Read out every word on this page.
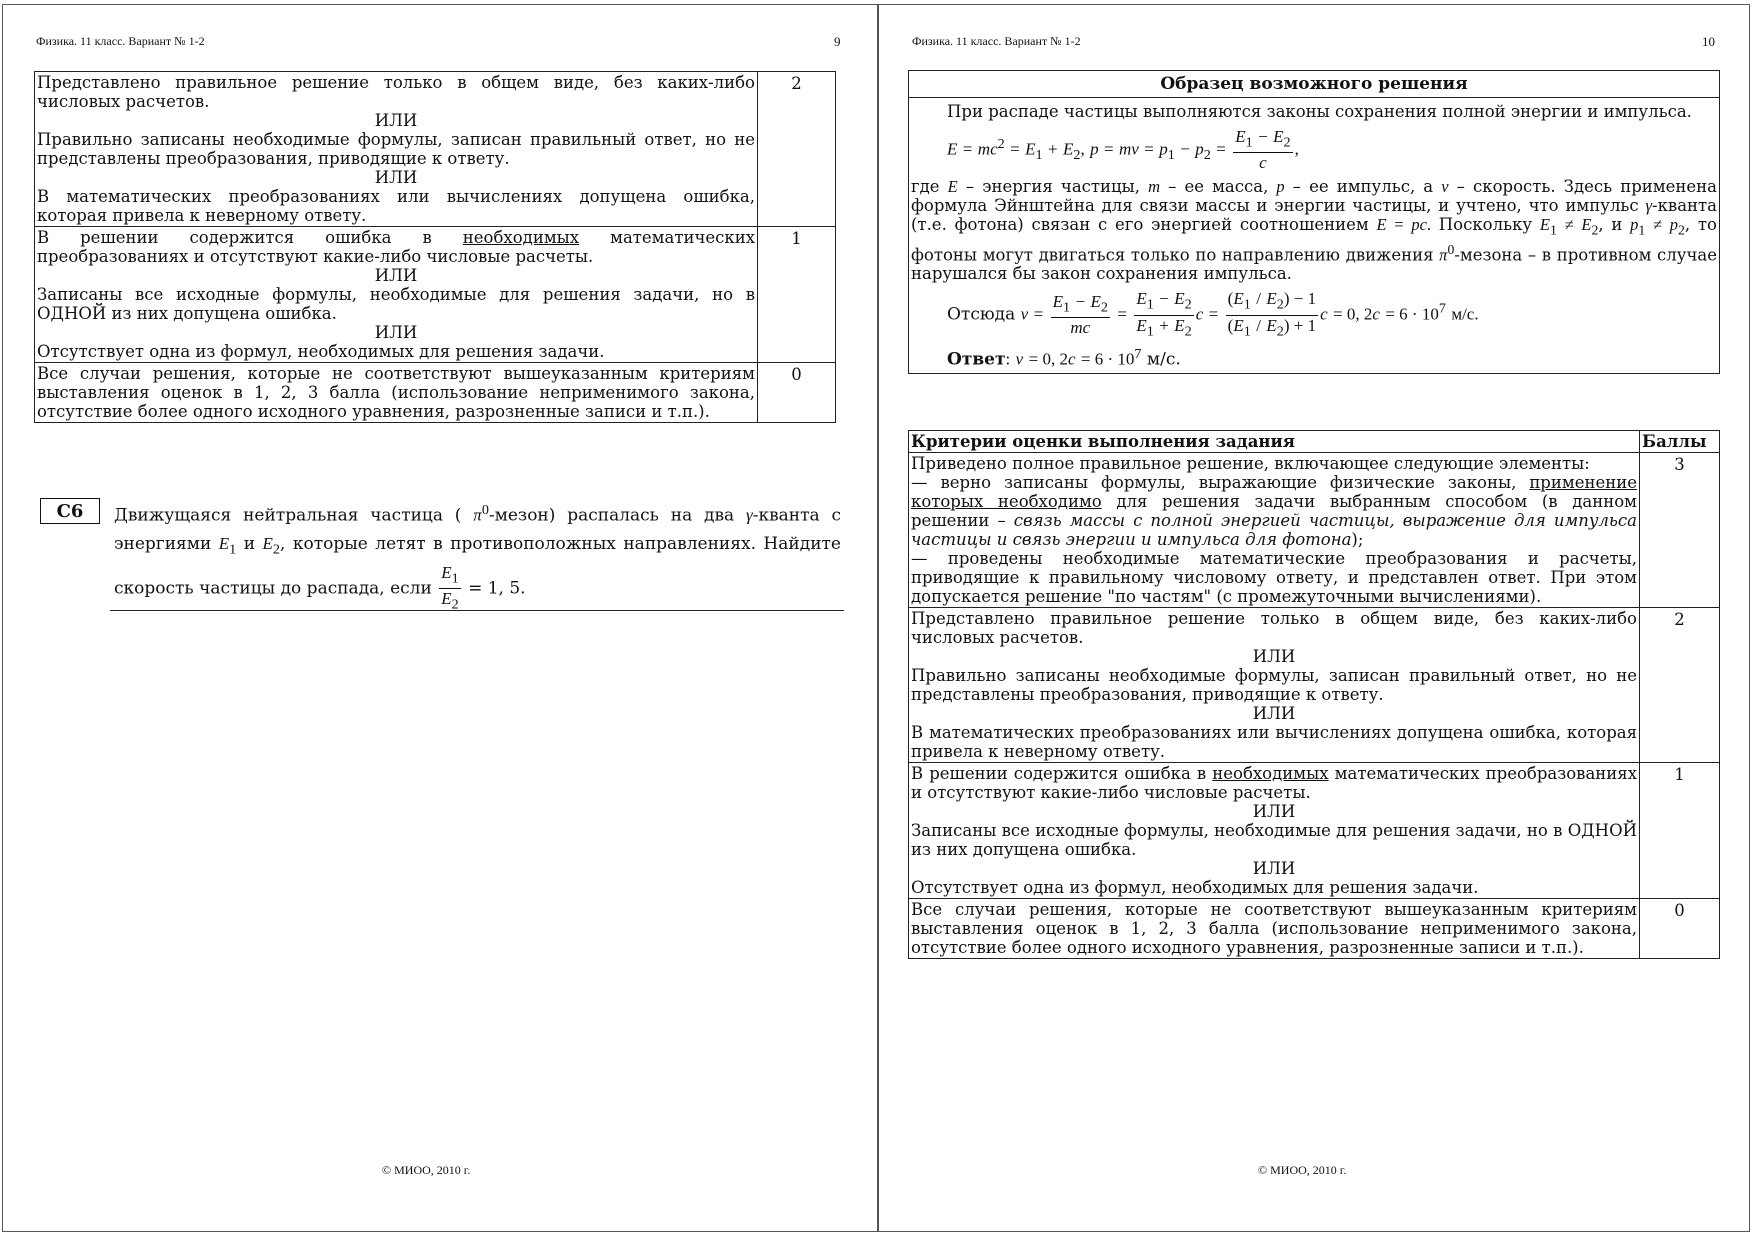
Физика. 11 класс. Вариант № 1-2	9
Представлено правильное решение только в общем виде, без каких-либо числовых расчетов.
ИЛИ
Правильно записаны необходимые формулы, записан правильный ответ, но не представлены преобразования, приводящие к ответу.
ИЛИ
В математических преобразованиях или вычислениях допущена ошибка, которая привела к неверному ответу.	2

В решении содержится ошибка в необходимых математических преобразованиях и отсутствуют какие-либо числовые расчеты.
ИЛИ
Записаны все исходные формулы, необходимые для решения задачи, но в ОДНОЙ из них допущена ошибка.
ИЛИ
Отсутствует одна из формул, необходимых для решения задачи.	1

Все случаи решения, которые не соответствуют вышеуказанным критериям выставления оценок в 1, 2, 3 балла (использование неприменимого закона, отсутствие более одного исходного уравнения, разрозненные записи и т.п.).	0
C6	Движущаяся нейтральная частица ( $\pi^0-мезон$) распалась на два γ-кванта с энергиями $E_1$ и $E_2$, которые летят в противоположных направлениях. Найдите скорость частицы до распада, если $\frac{E_1}{E_2} = 1$, 5.
© МИОО, 2010 г.
Физика. 11 класс. Вариант № 1-2	10
Образец возможного решения

При распаде частицы выполняются законы сохранения полной энергии и импульса.

$E = mc^2 = E_1 + E_2$, p = mv = $p_1 - p_2 = \frac{E_1 - E_2}{c}$ ,

где E – энергия частицы, m – ее масса, p – ее импульс, а v – скорость. Здесь применена формула Эйнштейна для связи массы и энергии частицы, и учтено, что импульс γ-кванта (т.е. фотона) связан с его энергией соотношением E = pc. Поскольку $E_1 \ne E_2$, и $p_1 \ne p_2$, то фотоны могут двигаться только по направлению движения $\pi^0$-мезона – в противном случае нарушался бы закон сохранения импульса.

Отсюда $v = \frac{E_1 - E_2}{mc} = \frac{E_1 - E_2}{E_1 + E_2}$ $c = \frac{(E_1 / E_2) - 1}{(E_1 / E_2) + 1}$ c = 0, $2c = 6 \cdot 10^7$ м/с.
Ответ: v = 0, $2c = 6 \cdot 10^7$ м/с.
Критерии оценки выполнения задания	Баллы

Приведено полное правильное решение, включающее следующие элементы:
— верно записаны формулы, выражающие физические законы, применение которых необходимо для решения задачи выбранным способом (в данном решении – связь массы с полной энергией частицы, выражение для импульса частицы и связь энергии и импульса для фотона);
— проведены необходимые математические преобразования и расчеты, приводящие к правильному числовому ответу, и представлен ответ. При этом допускается решение "по частям" (с промежуточными вычислениями).	3

Представлено правильное решение только в общем виде, без каких-либо числовых расчетов.
ИЛИ
Правильно записаны необходимые формулы, записан правильный ответ, но не представлены преобразования, приводящие к ответу.
ИЛИ
В математических преобразованиях или вычислениях допущена ошибка, которая привела к неверному ответу.	2

В решении содержится ошибка в необходимых математических преобразованиях и отсутствуют какие-либо числовые расчеты.
ИЛИ
Записаны все исходные формулы, необходимые для решения задачи, но в ОДНОЙ из них допущена ошибка.
ИЛИ
Отсутствует одна из формул, необходимых для решения задачи.	1
Все случаи решения, которые не соответствуют вышеуказанным критериям выставления оценок в 1, 2, 3 балла (использование неприменимого закона, отсутствие более одного исходного уравнения, разрозненные записи и т.п.).	0
© МИОО, 2010 г.
